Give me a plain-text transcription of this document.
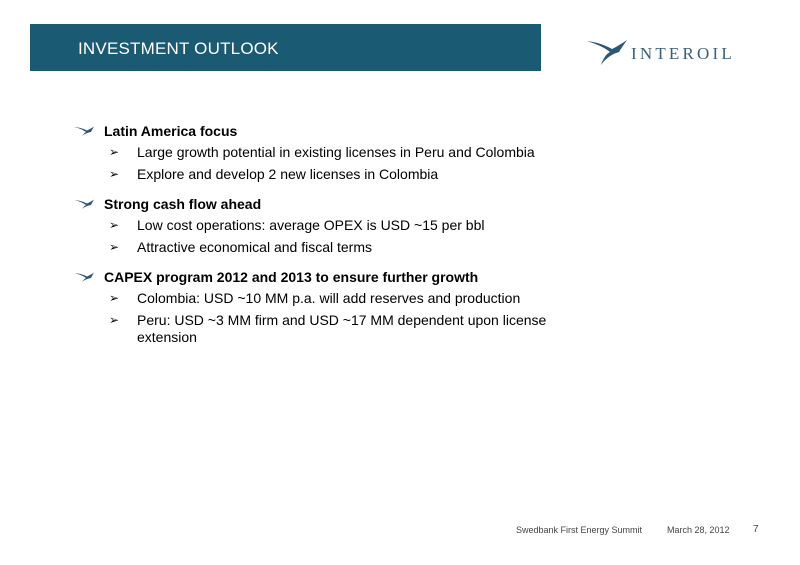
INVESTMENT OUTLOOK	INTEROIL
Latin America focus
➢ Large growth potential in existing licenses in Peru and Colombia
➢ Explore and develop 2 new licenses in Colombia
Strong cash flow ahead
➢ Low cost operations: average OPEX is USD ~15 per bbl
➢ Attractive economical and fiscal terms
CAPEX program 2012 and 2013 to ensure further growth
➢ Colombia: USD ~10 MM p.a. will add reserves and production
➢ Peru: USD ~3 MM firm and USD ~17 MM dependent upon license extension
Swedbank First Energy Summit	March 28, 2012 7
